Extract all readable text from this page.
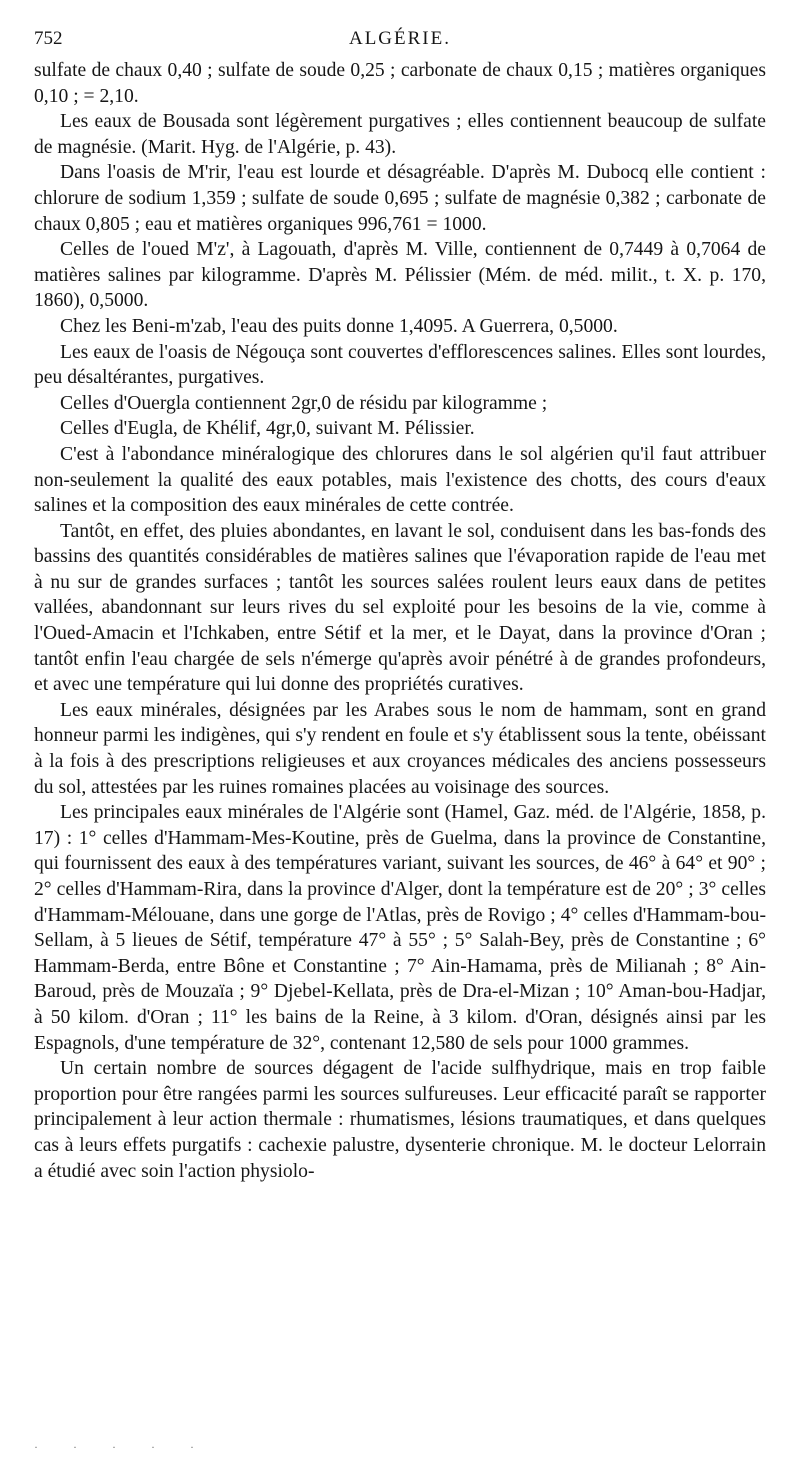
752	ALGÉRIE.

sulfate de chaux 0,40 ; sulfate de soude 0,25 ; carbonate de chaux 0,15 ; matières organiques 0,10 ; = 2,10.

Les eaux de Bousada sont légèrement purgatives ; elles contiennent beaucoup de sulfate de magnésie. (Marit. Hyg. de l'Algérie, p. 43).

Dans l'oasis de M'rir, l'eau est lourde et désagréable. D'après M. Dubocq elle contient : chlorure de sodium 1,359 ; sulfate de soude 0,695 ; sulfate de magnésie 0,382 ; carbonate de chaux 0,805 ; eau et matières organiques 996,761 = 1000.

Celles de l'oued M'z', à Lagouath, d'après M. Ville, contiennent de 0,7449 à 0,7064 de matières salines par kilogramme. D'après M. Pélissier (Mém. de méd. milit., t. X. p. 170, 1860), 0,5000.

Chez les Beni-m'zab, l'eau des puits donne 1,4095. A Guerrera, 0,5000.

Les eaux de l'oasis de Négouça sont couvertes d'efflorescences salines. Elles sont lourdes, peu désaltérantes, purgatives.

Celles d'Ouergla contiennent 2gr,0 de résidu par kilogramme ;

Celles d'Eugla, de Khélif, 4gr,0, suivant M. Pélissier.

C'est à l'abondance minéralogique des chlorures dans le sol algérien qu'il faut attribuer non-seulement la qualité des eaux potables, mais l'existence des chotts, des cours d'eaux salines et la composition des eaux minérales de cette contrée.

Tantôt, en effet, des pluies abondantes, en lavant le sol, conduisent dans les bas-fonds des bassins des quantités considérables de matières salines que l'évaporation rapide de l'eau met à nu sur de grandes surfaces ; tantôt les sources salées roulent leurs eaux dans de petites vallées, abandonnant sur leurs rives du sel exploité pour les besoins de la vie, comme à l'Oued-Amacin et l'Ichkaben, entre Sétif et la mer, et le Dayat, dans la province d'Oran ; tantôt enfin l'eau chargée de sels n'émerge qu'après avoir pénétré à de grandes profondeurs, et avec une température qui lui donne des propriétés curatives.

Les eaux minérales, désignées par les Arabes sous le nom de hammam, sont en grand honneur parmi les indigènes, qui s'y rendent en foule et s'y établissent sous la tente, obéissant à la fois à des prescriptions religieuses et aux croyances médicales des anciens possesseurs du sol, attestées par les ruines romaines placées au voisinage des sources.

Les principales eaux minérales de l'Algérie sont (Hamel, Gaz. méd. de l'Algérie, 1858, p. 17) : 1° celles d'Hammam-Mes-Koutine, près de Guelma, dans la province de Constantine, qui fournissent des eaux à des températures variant, suivant les sources, de 46° à 64° et 90° ; 2° celles d'Hammam-Rira, dans la province d'Alger, dont la température est de 20° ; 3° celles d'Hammam-Mélouane, dans une gorge de l'Atlas, près de Rovigo ; 4° celles d'Hammam-bou-Sellam, à 5 lieues de Sétif, température 47° à 55° ; 5° Salah-Bey, près de Constantine ; 6° Hammam-Berda, entre Bône et Constantine ; 7° Ain-Hamama, près de Milianah ; 8° Ain-Baroud, près de Mouzaïa ; 9° Djebel-Kellata, près de Dra-el-Mizan ; 10° Aman-bou-Hadjar, à 50 kilom. d'Oran ; 11° les bains de la Reine, à 3 kilom. d'Oran, désignés ainsi par les Espagnols, d'une température de 32°, contenant 12,580 de sels pour 1000 grammes.

Un certain nombre de sources dégagent de l'acide sulfhydrique, mais en trop faible proportion pour être rangées parmi les sources sulfureuses. Leur efficacité paraît se rapporter principalement à leur action thermale : rhumatismes, lésions traumatiques, et dans quelques cas à leurs effets purgatifs : cachexie palustre, dysenterie chronique. M. le docteur Lelorrain a étudié avec soin l'action physiolo-

· · · · ·
